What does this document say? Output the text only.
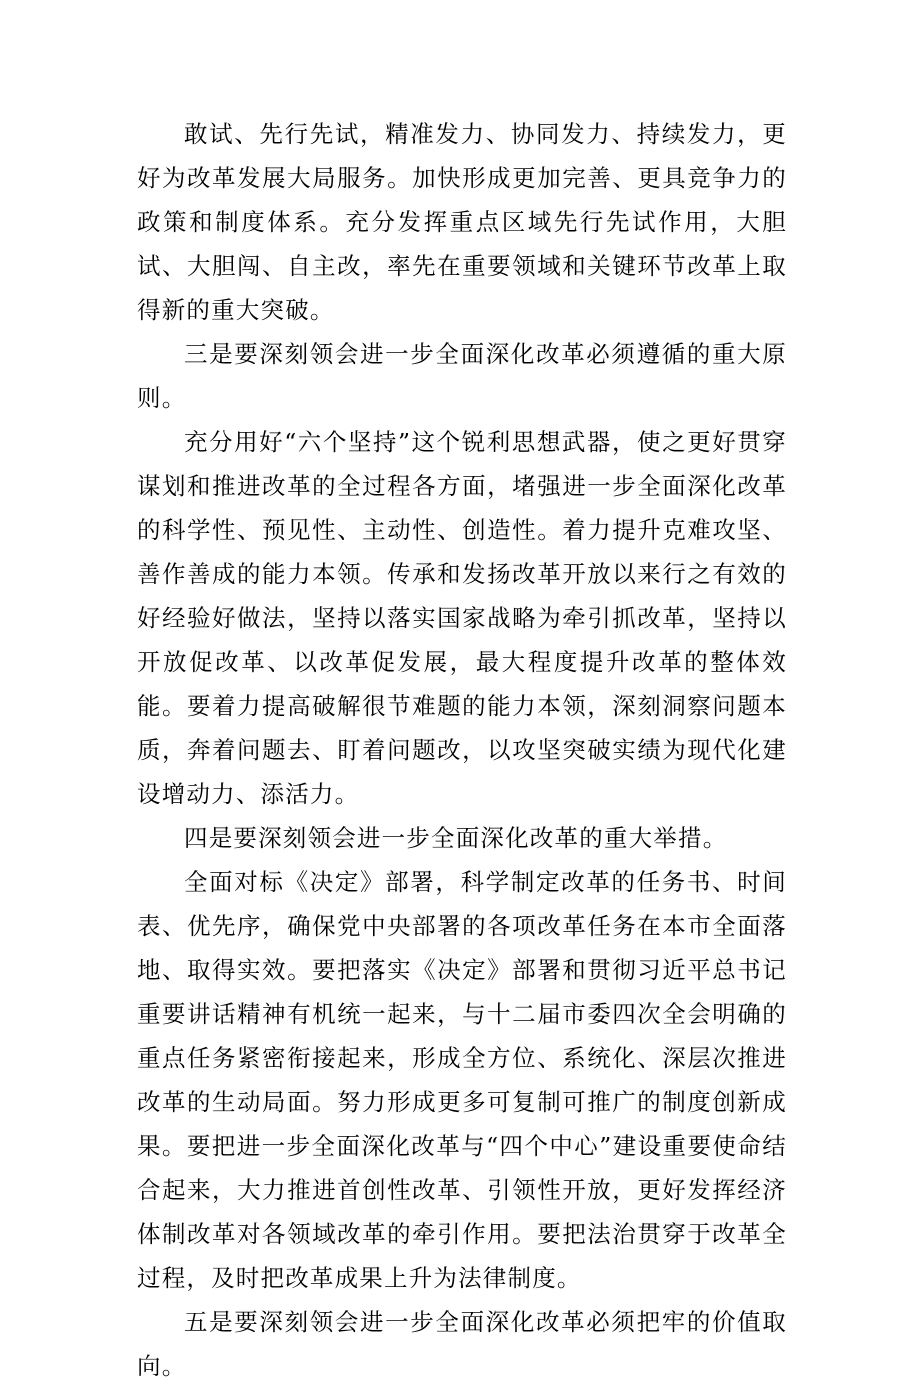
敢试、先行先试，精准发力、协同发力、持续发力，更好为改革发展大局服务。加快形成更加完善、更具竞争力的政策和制度体系。充分发挥重点区域先行先试作用，大胆试、大胆闯、自主改，率先在重要领域和关键环节改革上取得新的重大突破。

三是要深刻领会进一步全面深化改革必须遵循的重大原则。

充分用好“六个坚持”这个锐利思想武器，使之更好贯穿谋划和推进改革的全过程各方面，堵强进一步全面深化改革的科学性、预见性、主动性、创造性。着力提升克难攻坚、善作善成的能力本领。传承和发扬改革开放以来行之有效的好经验好做法，坚持以落实国家战略为牵引抓改革，坚持以开放促改革、以改革促发展，最大程度提升改革的整体效能。要着力提高破解很节难题的能力本领，深刻洞察问题本质，奔着问题去、盯着问题改，以攻坚突破实绩为现代化建设增动力、添活力。

四是要深刻领会进一步全面深化改革的重大举措。

全面对标《决定》部署，科学制定改革的任务书、时间表、优先序，确保党中央部署的各项改革任务在本市全面落地、取得实效。要把落实《决定》部署和贯彻习近平总书记重要讲话精神有机统一起来，与十二届市委四次全会明确的重点任务紧密衔接起来，形成全方位、系统化、深层次推进改革的生动局面。努力形成更多可复制可推广的制度创新成果。要把进一步全面深化改革与“四个中心”建设重要使命结合起来，大力推进首创性改革、引领性开放，更好发挥经济体制改革对各领域改革的牵引作用。要把法治贯穿于改革全过程，及时把改革成果上升为法律制度。

五是要深刻领会进一步全面深化改革必须把牢的价值取向。
